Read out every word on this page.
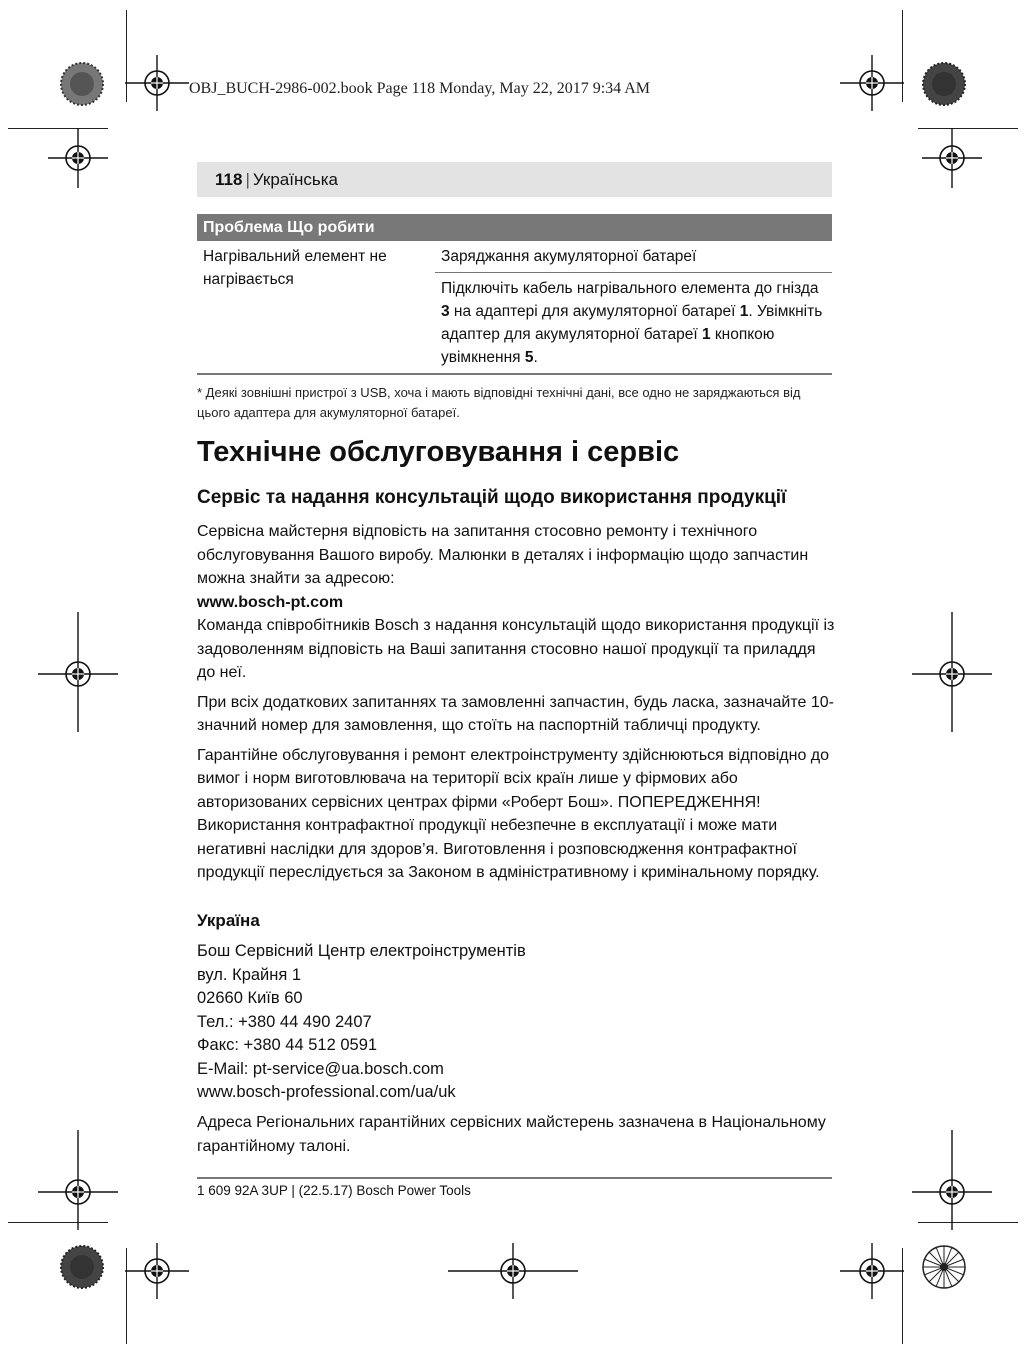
OBJ_BUCH-2986-002.book Page 118 Monday, May 22, 2017 9:34 AM
118 | Українська
Проблема Що робити
Нагрівальний елемент не нагрівається
Заряджання акумуляторної батареї
Підключіть кабель нагрівального елемента до гнізда 3 на адаптері для акумуляторної батареї 1. Увімкніть адаптер для акумуляторної батареї 1 кнопкою увімкнення 5.
* Деякі зовнішні пристрої з USB, хоча і мають відповідні технічні дані, все одно не заряджаються від цього адаптера для акумуляторної батареї.
Технічне обслуговування і сервіс
Сервіс та надання консультацій щодо використання продукції

Сервісна майстерня відповість на запитання стосовно ремонту і технічного обслуговування Вашого виробу. Малюнки в деталях і інформацію щодо запчастин можна знайти за адресою:

www.bosch-pt.com

Команда співробітників Bosch з надання консультацій щодо використання продукції із задоволенням відповість на Ваші запитання стосовно нашої продукції та приладдя до неї.

При всіх додаткових запитаннях та замовленні запчастин, будь ласка, зазначайте 10-значний номер для замовлення, що стоїть на паспортній табличці продукту.

Гарантійне обслуговування і ремонт електроінструменту здійснюються відповідно до вимог і норм виготовлювача на території всіх країн лише у фірмових або авторизованих сервісних центрах фірми «Роберт Бош». ПОПЕРЕДЖЕННЯ! Використання контрафактної продукції небезпечне в експлуатації і може мати негативні наслідки для здоров’я. Виготовлення і розповсюдження контрафактної продукції переслідується за Законом в адміністративному і кримінальному порядку.

Україна
Бош Сервісний Центр електроінструментів
вул. Крайня 1
02660 Київ 60
Тел.: +380 44 490 2407
Факс: +380 44 512 0591
E-Mail: pt-service@ua.bosch.com
www.bosch-professional.com/ua/uk
Адреса Регіональних гарантійних сервісних майстерень зазначена в Національному гарантійному талоні.
1 609 92A 3UP | (22.5.17) Bosch Power Tools
